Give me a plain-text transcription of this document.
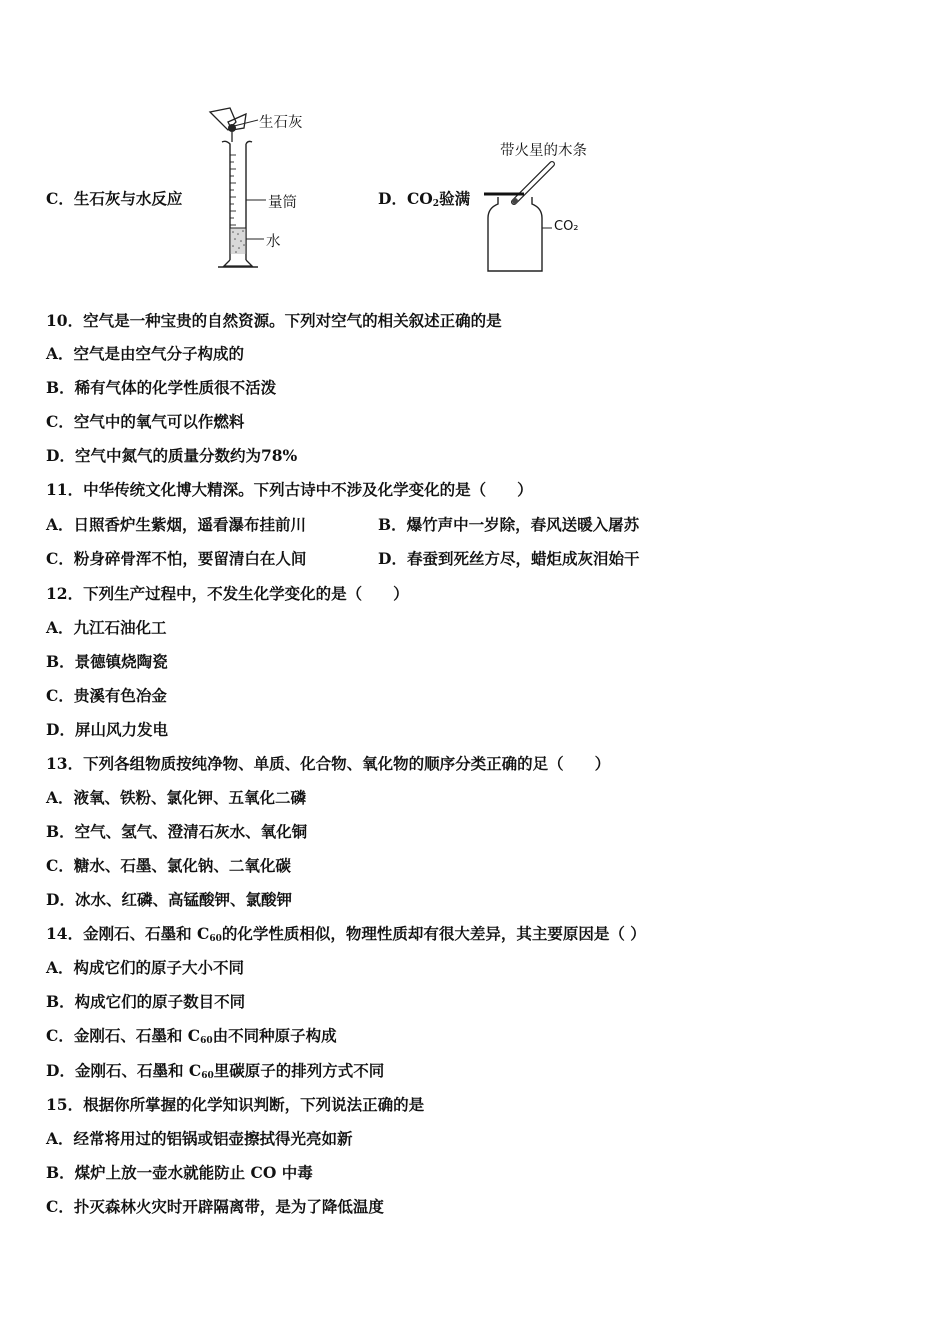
C．生石灰与水反应
生石灰
量筒
水
D．$CO_2$验满
带火星的木条
CO₂
10．空气是一种宝贵的自然资源。下列对空气的相关叙述正确的是
A．空气是由空气分子构成的
B．稀有气体的化学性质很不活泼
C．空气中的氧气可以作燃料
D．空气中氮气的质量分数约为78%
11．中华传统文化博大精深。下列古诗中不涉及化学变化的是（　　）
A．日照香炉生紫烟，遥看瀑布挂前川	B．爆竹声中一岁除，春风送暖入屠苏
C．粉身碎骨浑不怕，要留清白在人间	D．春蚕到死丝方尽，蜡炬成灰泪始干
12．下列生产过程中，不发生化学变化的是（　　）
A．九江石油化工
B．景德镇烧陶瓷
C．贵溪有色冶金
D．屏山风力发电
13．下列各组物质按纯净物、单质、化合物、氧化物的顺序分类正确的足（　　）
A．液氧、铁粉、氯化钾、五氧化二磷
B．空气、氢气、澄清石灰水、氧化铜
C．糖水、石墨、氯化钠、二氧化碳
D．冰水、红磷、高锰酸钾、氯酸钾
14．金刚石、石墨和 $C_{60}$的化学性质相似，物理性质却有很大差异，其主要原因是（ ）
A．构成它们的原子大小不同
B．构成它们的原子数目不同
C．金刚石、石墨和 $C_{60}$由不同种原子构成
D．金刚石、石墨和 $C_{60}$里碳原子的排列方式不同
15．根据你所掌握的化学知识判断，下列说法正确的是
A．经常将用过的铝锅或铝壶擦拭得光亮如新
B．煤炉上放一壶水就能防止 CO 中毒
C．扑灭森林火灾时开辟隔离带，是为了降低温度
